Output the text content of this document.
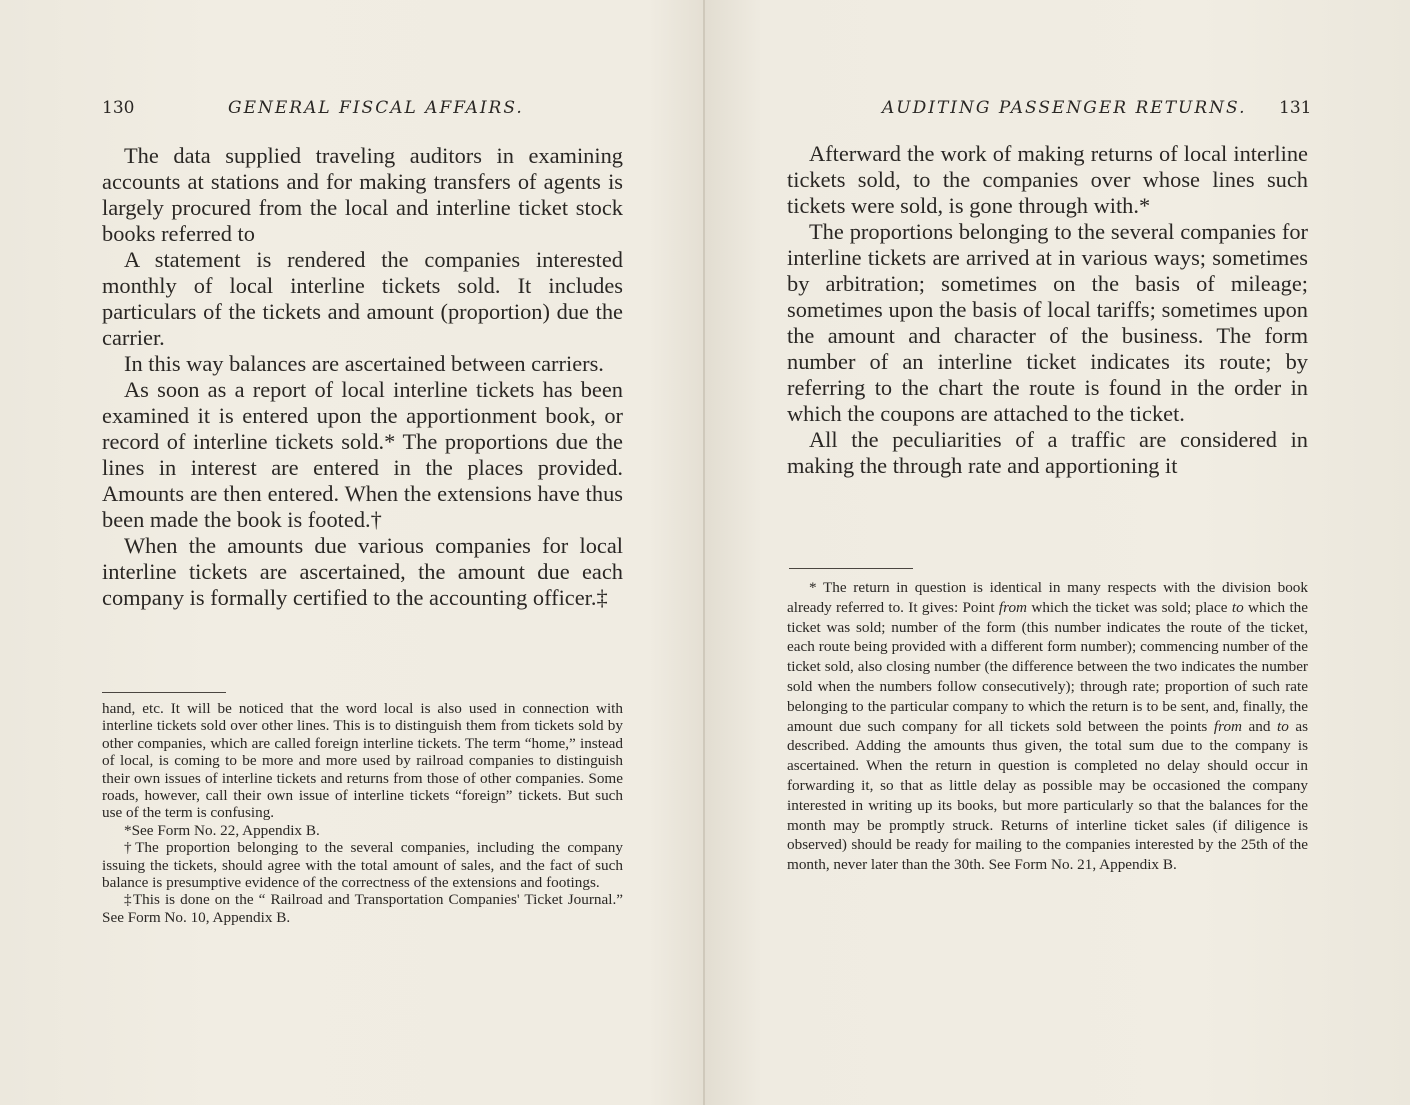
130	GENERAL FISCAL AFFAIRS.

The data supplied traveling auditors in examining accounts at stations and for making transfers of agents is largely procured from the local and interline ticket stock books referred to

A statement is rendered the companies interested monthly of local interline tickets sold. It includes particulars of the tickets and amount (proportion) due the carrier.

In this way balances are ascertained between carriers.

As soon as a report of local interline tickets has been examined it is entered upon the apportionment book, or record of interline tickets sold.* The proportions due the lines in interest are entered in the places provided. Amounts are then entered. When the extensions have thus been made the book is footed.†

When the amounts due various companies for local interline tickets are ascertained, the amount due each company is formally certified to the accounting officer.‡

hand, etc. It will be noticed that the word local is also used in connection with interline tickets sold over other lines. This is to distinguish them from tickets sold by other companies, which are called foreign interline tickets. The term “home,” instead of local, is coming to be more and more used by railroad companies to distinguish their own issues of interline tickets and returns from those of other companies. Some roads, however, call their own issue of interline tickets “foreign” tickets. But such use of the term is confusing.

*See Form No. 22, Appendix B.

†The proportion belonging to the several companies, including the company issuing the tickets, should agree with the total amount of sales, and the fact of such balance is presumptive evidence of the correctness of the extensions and footings.

‡This is done on the “ Railroad and Transportation Companies' Ticket Journal.” See Form No. 10, Appendix B.

AUDITING PASSENGER RETURNS. 131

Afterward the work of making returns of local interline tickets sold, to the companies over whose lines such tickets were sold, is gone through with.*

The proportions belonging to the several companies for interline tickets are arrived at in various ways; sometimes by arbitration; sometimes on the basis of mileage; sometimes upon the basis of local tariffs; sometimes upon the amount and character of the business. The form number of an interline ticket indicates its route; by referring to the chart the route is found in the order in which the coupons are attached to the ticket.

All the peculiarities of a traffic are considered in making the through rate and apportioning it

* The return in question is identical in many respects with the division book already referred to. It gives: Point from which the ticket was sold; place to which the ticket was sold; number of the form (this number indicates the route of the ticket, each route being provided with a different form number); commencing number of the ticket sold, also closing number (the difference between the two indicates the number sold when the numbers follow consecutively); through rate; proportion of such rate belonging to the particular company to which the return is to be sent, and, finally, the amount due such company for all tickets sold between the points from and to as described. Adding the amounts thus given, the total sum due to the company is ascertained. When the return in question is completed no delay should occur in forwarding it, so that as little delay as possible may be occasioned the company interested in writing up its books, but more particularly so that the balances for the month may be promptly struck. Returns of interline ticket sales (if diligence is observed) should be ready for mailing to the companies interested by the 25th of the month, never later than the 30th. See Form No. 21, Appendix B.
